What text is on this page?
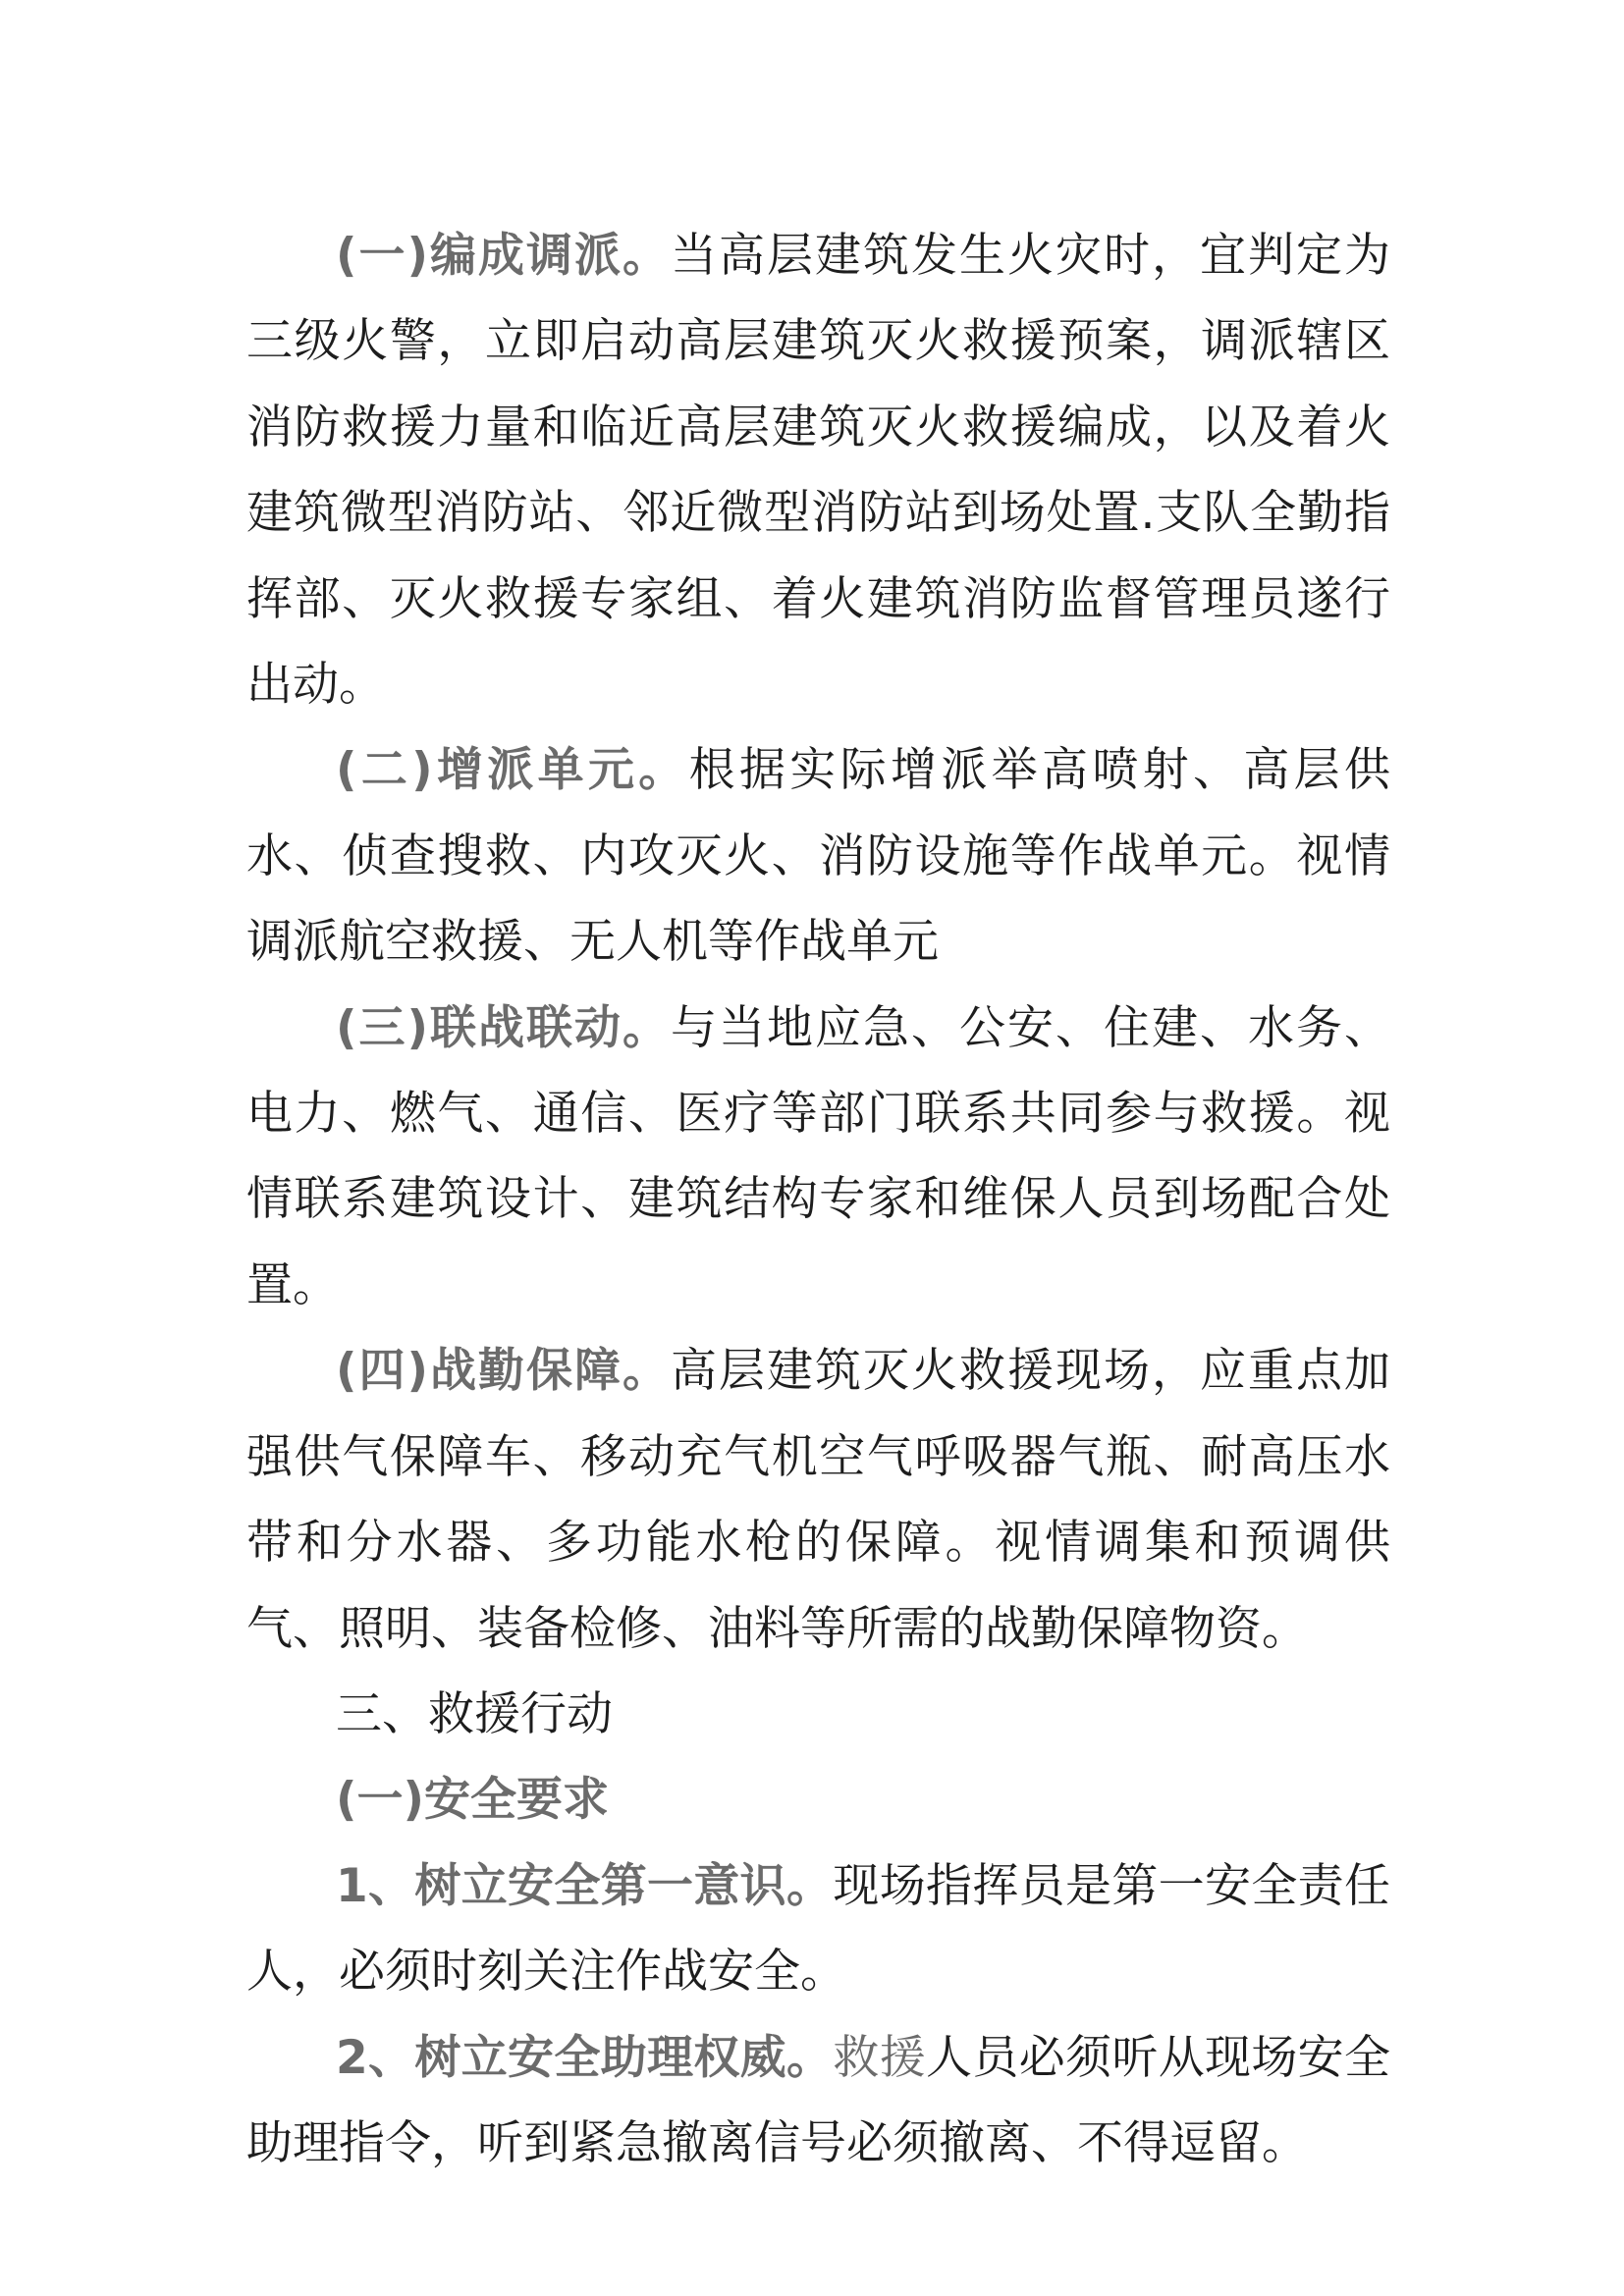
(一)编成调派。当高层建筑发生火灾时，宜判定为三级火警，立即启动高层建筑灭火救援预案，调派辖区消防救援力量和临近高层建筑灭火救援编成，以及着火建筑微型消防站、邻近微型消防站到场处置.支队全勤指挥部、灭火救援专家组、着火建筑消防监督管理员遂行出动。

(二)增派单元。根据实际增派举高喷射、高层供水、侦查搜救、内攻灭火、消防设施等作战单元。视情调派航空救援、无人机等作战单元

(三)联战联动。与当地应急、公安、住建、水务、电力、燃气、通信、医疗等部门联系共同参与救援。视情联系建筑设计、建筑结构专家和维保人员到场配合处置。

(四)战勤保障。高层建筑灭火救援现场，应重点加强供气保障车、移动充气机空气呼吸器气瓶、耐高压水带和分水器、多功能水枪的保障。视情调集和预调供气、照明、装备检修、油料等所需的战勤保障物资。

三、救援行动

(一)安全要求

1、树立安全第一意识。现场指挥员是第一安全责任人，必须时刻关注作战安全。

2、树立安全助理权威。救援人员必须听从现场安全助理指令，听到紧急撤离信号必须撤离、不得逗留。
